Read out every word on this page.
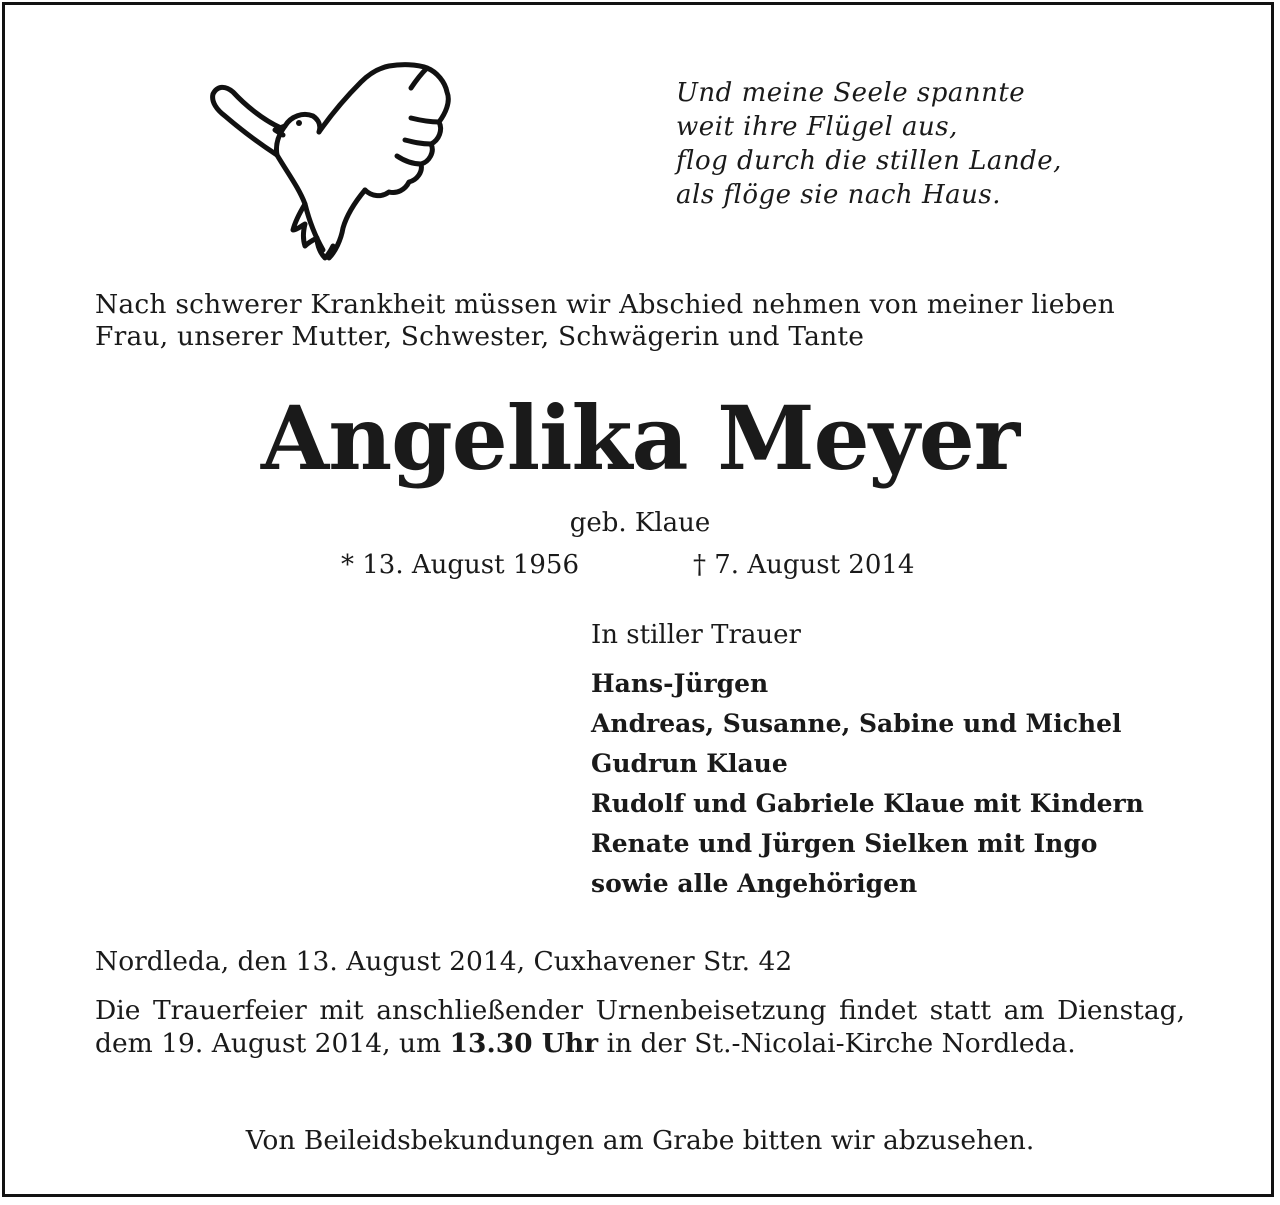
Und meine Seele spannte
weit ihre Flügel aus,
flog durch die stillen Lande,
als flöge sie nach Haus.
Nach schwerer Krankheit müssen wir Abschied nehmen von meiner lieben Frau, unserer Mutter, Schwester, Schwägerin und Tante
Angelika Meyer
geb. Klaue
* 13. August 1956	† 7. August 2014
In stiller Trauer
Hans-Jürgen
Andreas, Susanne, Sabine und Michel
Gudrun Klaue
Rudolf und Gabriele Klaue mit Kindern
Renate und Jürgen Sielken mit Ingo
sowie alle Angehörigen
Nordleda, den 13. August 2014, Cuxhavener Str. 42
Die Trauerfeier mit anschließender Urnenbeisetzung findet statt am Dienstag, dem 19. August 2014, um 13.30 Uhr in der St.-Nicolai-Kirche Nordleda.
Von Beileidsbekundungen am Grabe bitten wir abzusehen.
